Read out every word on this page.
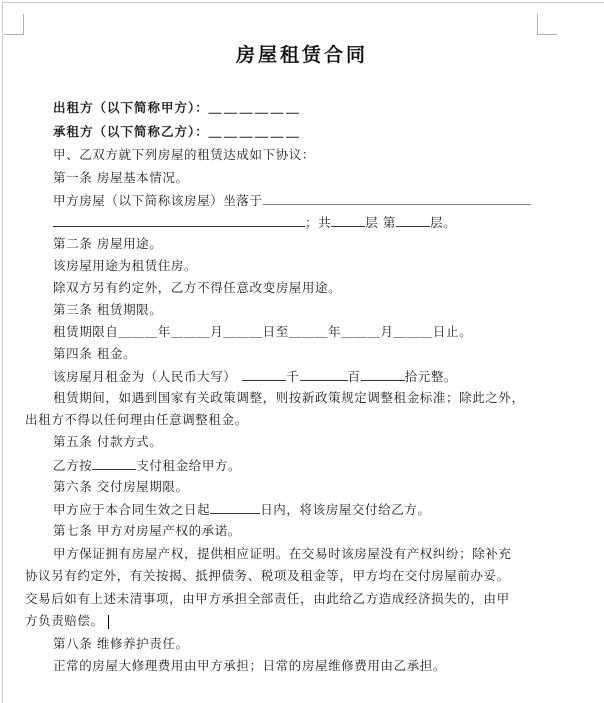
房屋租赁合同
出租方（以下简称甲方）：＿＿＿＿＿＿
承租方（以下简称乙方）：＿＿＿＿＿＿
甲、乙双方就下列房屋的租赁达成如下协议：
第一条 房屋基本情况。
甲方房屋（以下简称该房屋）坐落于
；共	层 第	层。
第二条 房屋用途。
该房屋用途为租赁住房。
除双方另有约定外，乙方不得任意改变房屋用途。
第三条 租赁期限。
租赁期限自＿＿＿年＿＿＿月＿＿＿日至＿＿＿年＿＿＿月＿＿＿日止。
第四条 租金。
该房屋月租金为（人民币大写）	千	百	拾元整。
租赁期间，如遇到国家有关政策调整，则按新政策规定调整租金标准；除此之外，
出租方不得以任何理由任意调整租金。
第五条 付款方式。
乙方按	支付租金给甲方。
第六条 交付房屋期限。
甲方应于本合同生效之日起	日内，将该房屋交付给乙方。
第七条 甲方对房屋产权的承诺。
甲方保证拥有房屋产权，提供相应证明。在交易时该房屋没有产权纠纷；除补充
协议另有约定外，有关按揭、抵押债务、税项及租金等，甲方均在交付房屋前办妥。
交易后如有上述未清事项，由甲方承担全部责任，由此给乙方造成经济损失的，由甲
方负责赔偿。
第八条 维修养护责任。
正常的房屋大修理费用由甲方承担；日常的房屋维修费用由乙承担。
